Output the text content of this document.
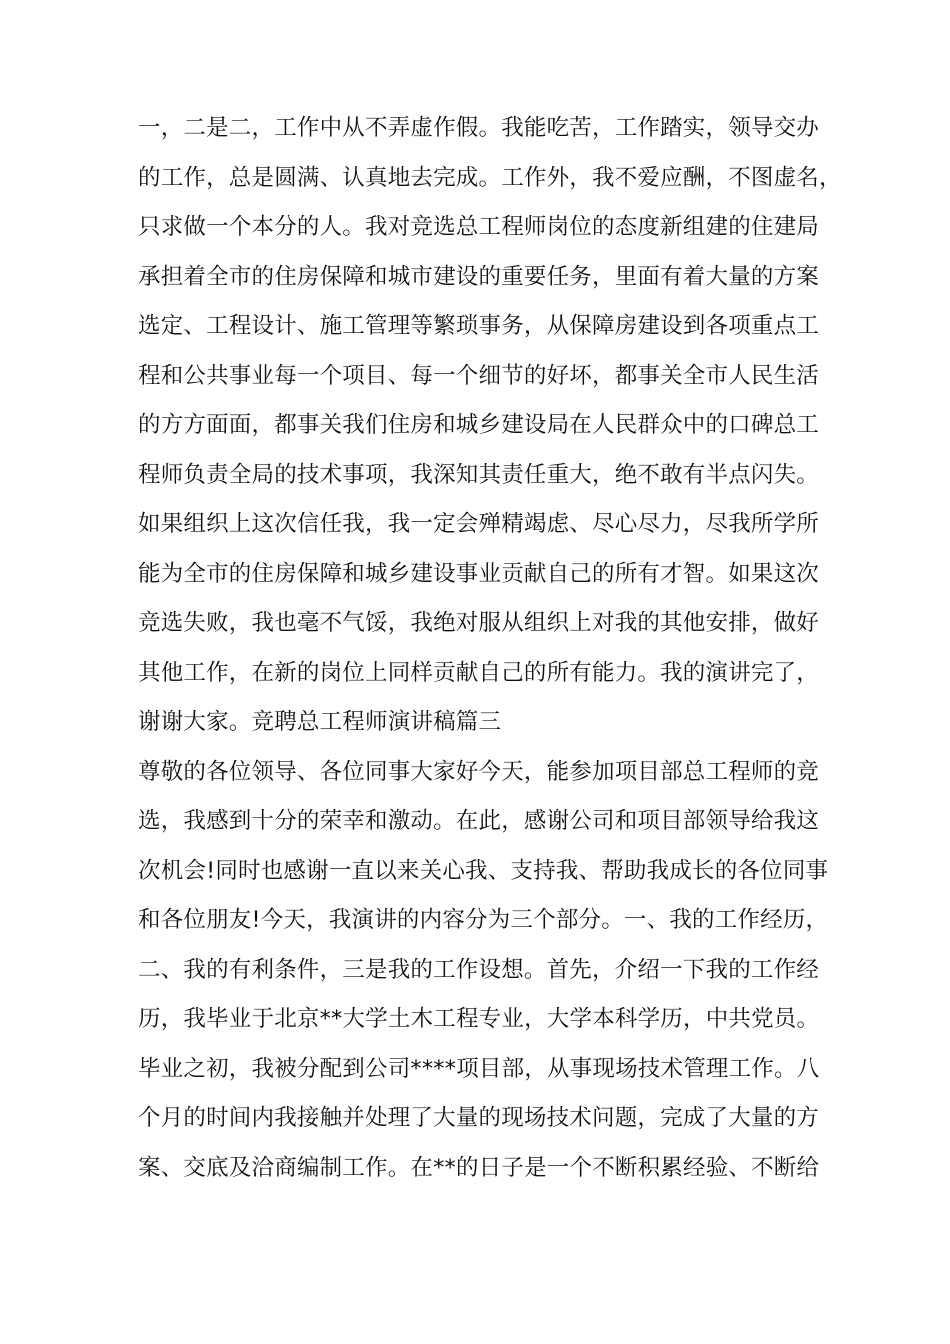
一，二是二，工作中从不弄虚作假。我能吃苦，工作踏实，领导交办
的工作，总是圆满、认真地去完成。工作外，我不爱应酬，不图虚名，
只求做一个本分的人。我对竞选总工程师岗位的态度新组建的住建局
承担着全市的住房保障和城市建设的重要任务，里面有着大量的方案
选定、工程设计、施工管理等繁琐事务，从保障房建设到各项重点工
程和公共事业每一个项目、每一个细节的好坏，都事关全市人民生活
的方方面面，都事关我们住房和城乡建设局在人民群众中的口碑总工
程师负责全局的技术事项，我深知其责任重大，绝不敢有半点闪失。
如果组织上这次信任我，我一定会殚精竭虑、尽心尽力，尽我所学所
能为全市的住房保障和城乡建设事业贡献自己的所有才智。如果这次
竞选失败，我也毫不气馁，我绝对服从组织上对我的其他安排，做好
其他工作，在新的岗位上同样贡献自己的所有能力。我的演讲完了，
谢谢大家。竞聘总工程师演讲稿篇三
尊敬的各位领导、各位同事大家好今天，能参加项目部总工程师的竞
选，我感到十分的荣幸和激动。在此，感谢公司和项目部领导给我这
次机会!同时也感谢一直以来关心我、支持我、帮助我成长的各位同事
和各位朋友!今天，我演讲的内容分为三个部分。一、我的工作经历，
二、我的有利条件，三是我的工作设想。首先，介绍一下我的工作经
历，我毕业于北京**大学土木工程专业，大学本科学历，中共党员。
毕业之初，我被分配到公司****项目部，从事现场技术管理工作。八
个月的时间内我接触并处理了大量的现场技术问题，完成了大量的方
案、交底及洽商编制工作。在**的日子是一个不断积累经验、不断给
